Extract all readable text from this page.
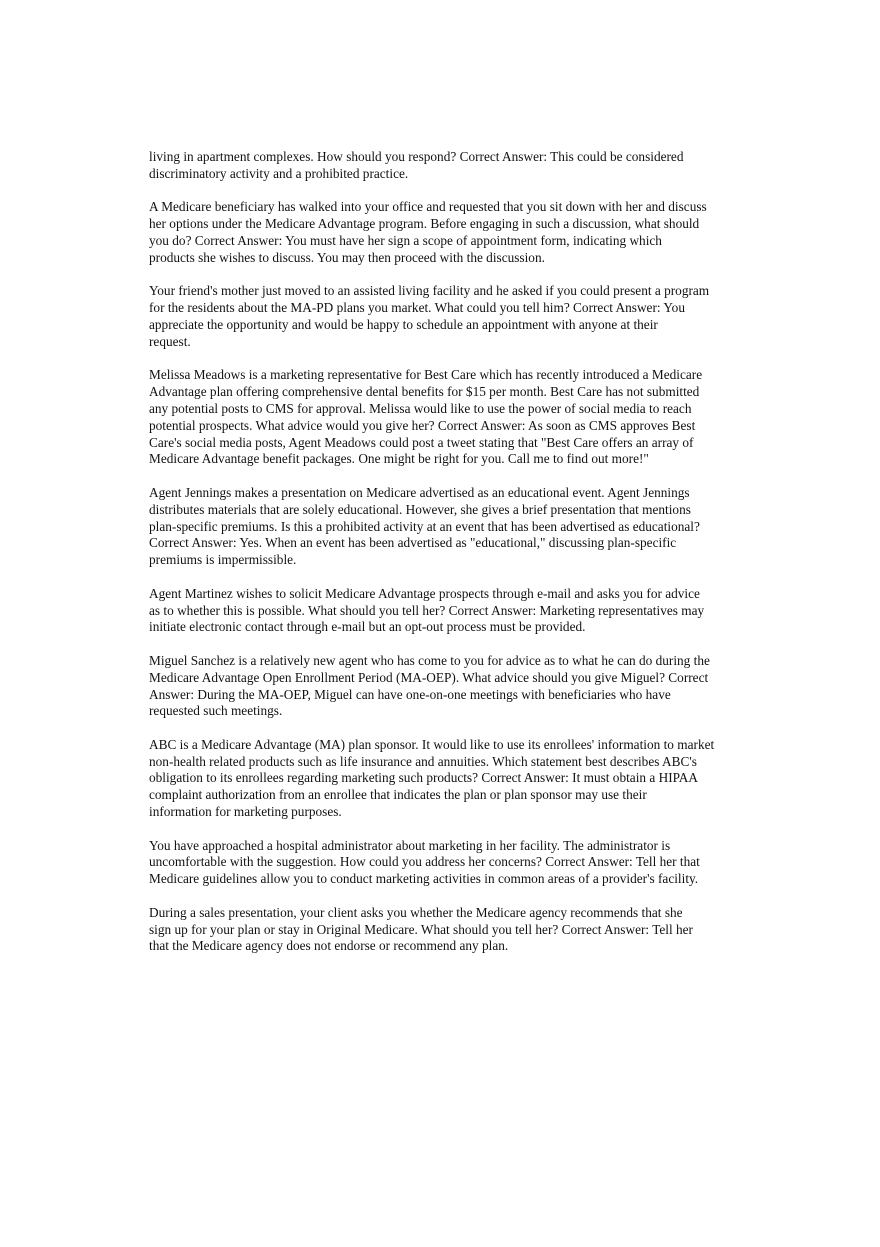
living in apartment complexes. How should you respond? Correct Answer: This could be considered
discriminatory activity and a prohibited practice.

A Medicare beneficiary has walked into your office and requested that you sit down with her and discuss
her options under the Medicare Advantage program. Before engaging in such a discussion, what should
you do? Correct Answer: You must have her sign a scope of appointment form, indicating which
products she wishes to discuss. You may then proceed with the discussion.

Your friend's mother just moved to an assisted living facility and he asked if you could present a program
for the residents about the MA-PD plans you market. What could you tell him? Correct Answer: You
appreciate the opportunity and would be happy to schedule an appointment with anyone at their
request.

Melissa Meadows is a marketing representative for Best Care which has recently introduced a Medicare
Advantage plan offering comprehensive dental benefits for $15 per month. Best Care has not submitted
any potential posts to CMS for approval. Melissa would like to use the power of social media to reach
potential prospects. What advice would you give her? Correct Answer: As soon as CMS approves Best
Care's social media posts, Agent Meadows could post a tweet stating that "Best Care offers an array of
Medicare Advantage benefit packages. One might be right for you. Call me to find out more!"

Agent Jennings makes a presentation on Medicare advertised as an educational event. Agent Jennings
distributes materials that are solely educational. However, she gives a brief presentation that mentions
plan-specific premiums. Is this a prohibited activity at an event that has been advertised as educational?
Correct Answer: Yes. When an event has been advertised as "educational," discussing plan-specific
premiums is impermissible.

Agent Martinez wishes to solicit Medicare Advantage prospects through e-mail and asks you for advice
as to whether this is possible. What should you tell her? Correct Answer: Marketing representatives may
initiate electronic contact through e-mail but an opt-out process must be provided.

Miguel Sanchez is a relatively new agent who has come to you for advice as to what he can do during the
Medicare Advantage Open Enrollment Period (MA-OEP). What advice should you give Miguel? Correct
Answer: During the MA-OEP, Miguel can have one-on-one meetings with beneficiaries who have
requested such meetings.

ABC is a Medicare Advantage (MA) plan sponsor. It would like to use its enrollees' information to market
non-health related products such as life insurance and annuities. Which statement best describes ABC's
obligation to its enrollees regarding marketing such products? Correct Answer: It must obtain a HIPAA
complaint authorization from an enrollee that indicates the plan or plan sponsor may use their
information for marketing purposes.

You have approached a hospital administrator about marketing in her facility. The administrator is
uncomfortable with the suggestion. How could you address her concerns? Correct Answer: Tell her that
Medicare guidelines allow you to conduct marketing activities in common areas of a provider's facility.

During a sales presentation, your client asks you whether the Medicare agency recommends that she
sign up for your plan or stay in Original Medicare. What should you tell her? Correct Answer: Tell her
that the Medicare agency does not endorse or recommend any plan.
